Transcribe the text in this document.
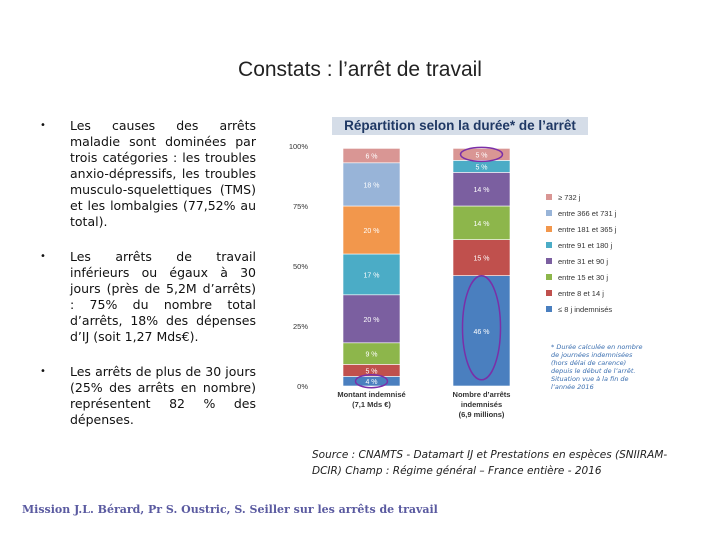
Constats : l’arrêt de travail
• Les causes des arrêts maladie sont dominées par trois catégories : les troubles anxio-dépressifs, les troubles musculo-squelettiques (TMS) et les lombalgies (77,52% au total).
• Les arrêts de travail inférieurs ou égaux à 30 jours (près de 5,2M d’arrêts) : 75% du nombre total d’arrêts, 18% des dépenses d’IJ (soit 1,27 Mds€).
• Les arrêts de plus de 30 jours (25% des arrêts en nombre) représentent 82 % des dépenses.
Répartition selon la durée* de l’arrêt
0%
25%
50%
75%
100%
4 %
5 %
9 %
20 %
17 %
20 %
18 %
6 %
46 %
15 %
14 %
14 %
5 %
5 %
≥ 732 j
entre 366 et 731 j
entre 181 et 365 j
entre 91 et 180 j
entre 31 et 90 j
entre 15 et 30 j
entre 8 et 14 j
≤ 8 j indemnisés
* Durée calculée en nombre de journées indemnisées (hors délai de carence) depuis le début de l’arrêt. Situation vue à la fin de l’année 2016
Montant indemnisé
(7,1 Mds €)
Nombre d’arrêts
indemnisés
(6,9 millions)
Source : CNAMTS - Datamart IJ et Prestations en espèces (SNIIRAM-DCIR) Champ : Régime général – France entière - 2016
Mission J.L. Bérard, Pr S. Oustric, S. Seiller sur les arrêts de travail
